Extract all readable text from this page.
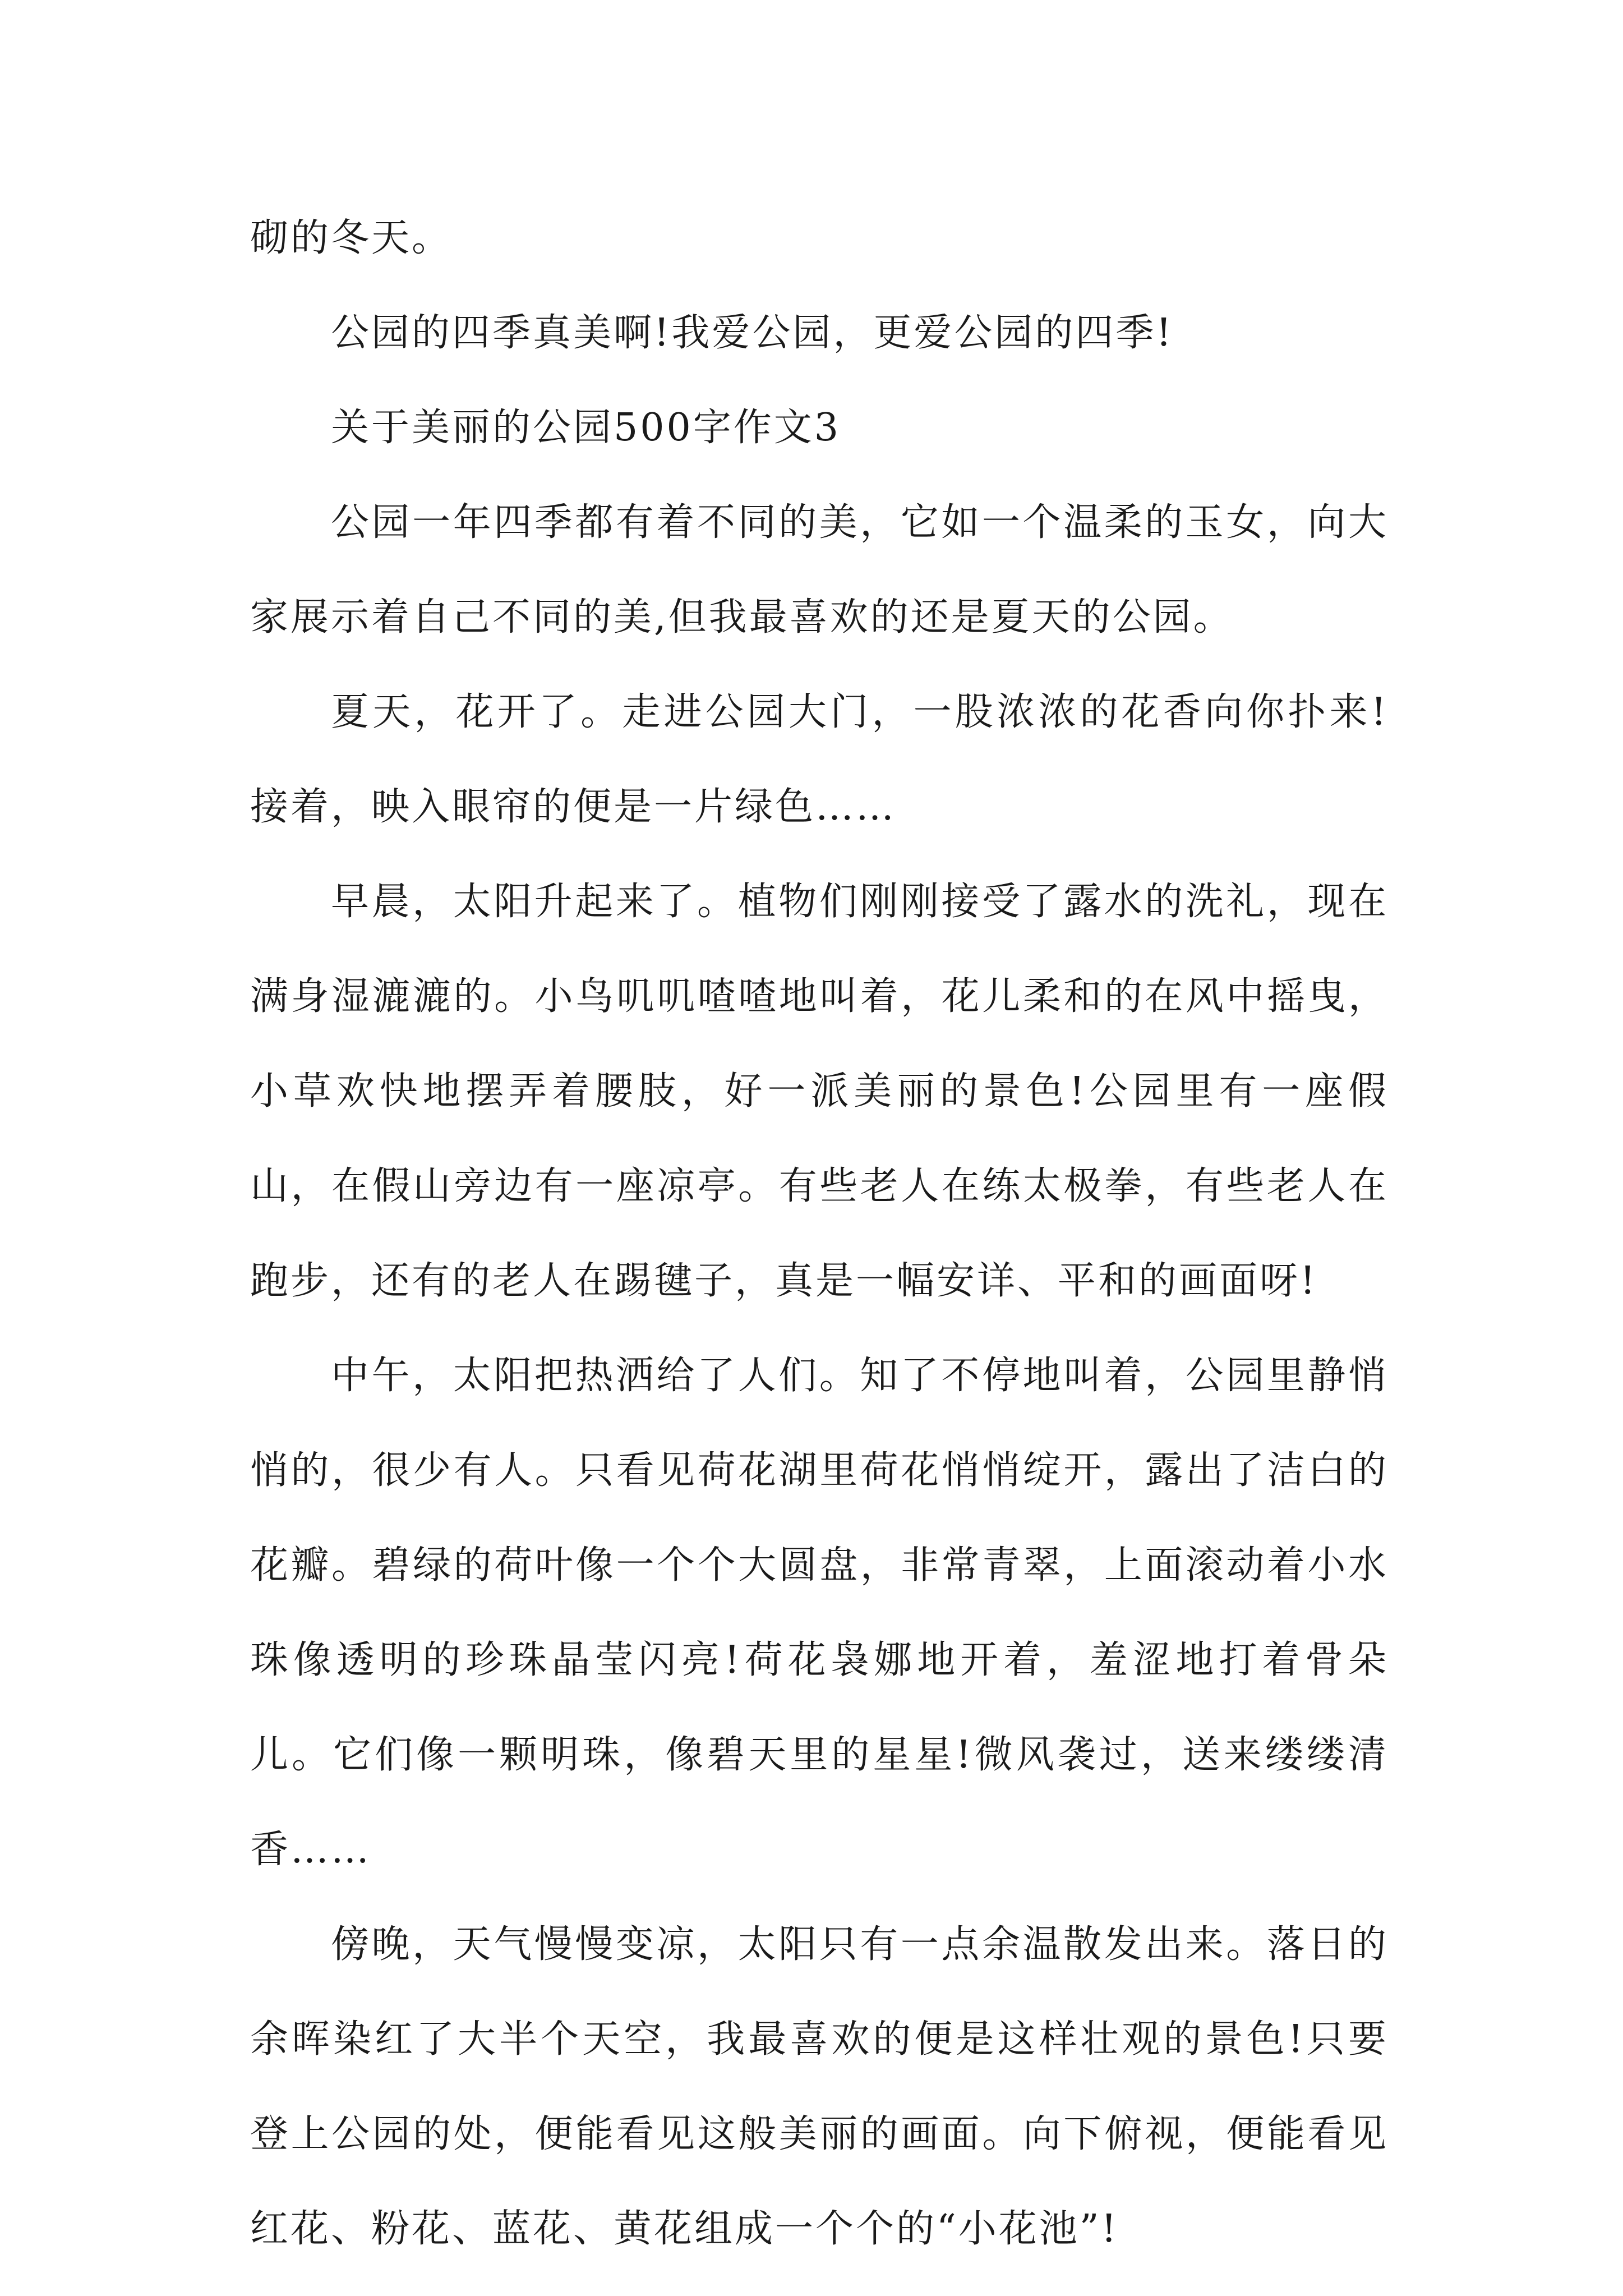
砌的冬天。

公园的四季真美啊!我爱公园，更爱公园的四季!

关于美丽的公园500字作文3

公园一年四季都有着不同的美，它如一个温柔的玉女，向大家展示着自己不同的美,但我最喜欢的还是夏天的公园。

夏天，花开了。走进公园大门，一股浓浓的花香向你扑来!接着，映入眼帘的便是一片绿色……

早晨，太阳升起来了。植物们刚刚接受了露水的洗礼，现在满身湿漉漉的。小鸟叽叽喳喳地叫着，花儿柔和的在风中摇曳，小草欢快地摆弄着腰肢，好一派美丽的景色!公园里有一座假山，在假山旁边有一座凉亭。有些老人在练太极拳，有些老人在跑步，还有的老人在踢毽子，真是一幅安详、平和的画面呀!

中午，太阳把热洒给了人们。知了不停地叫着，公园里静悄悄的，很少有人。只看见荷花湖里荷花悄悄绽开，露出了洁白的花瓣。碧绿的荷叶像一个个大圆盘，非常青翠，上面滚动着小水珠像透明的珍珠晶莹闪亮!荷花袅娜地开着，羞涩地打着骨朵儿。它们像一颗明珠，像碧天里的星星!微风袭过，送来缕缕清香……

傍晚，天气慢慢变凉，太阳只有一点余温散发出来。落日的余晖染红了大半个天空，我最喜欢的便是这样壮观的景色!只要登上公园的处，便能看见这般美丽的画面。向下俯视，便能看见红花、粉花、蓝花、黄花组成一个个的“小花池”!
